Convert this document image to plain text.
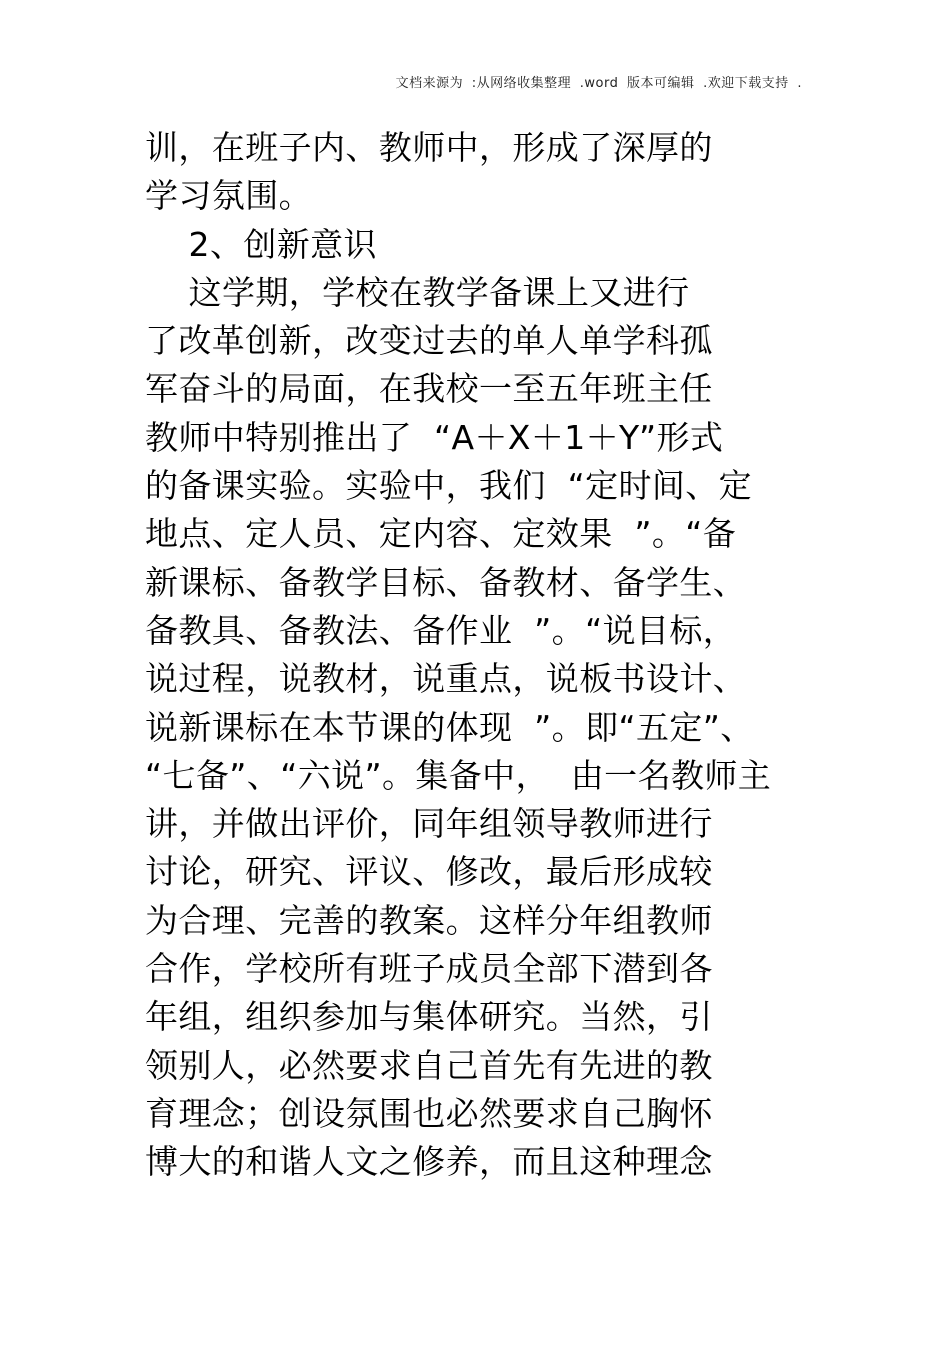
文档来源为 :从网络收集整理 .word 版本可编辑 .欢迎下载支持 .
训，在班子内、教师中，形成了深厚的
学习氛围。
2、创新意识
这学期，学校在教学备课上又进行
了改革创新，改变过去的单人单学科孤
军奋斗的局面，在我校一至五年班主任
教师中特别推出了  “A＋X＋1＋Y”形式
的备课实验。实验中，我们  “定时间、定
地点、定人员、定内容、定效果  ”。“备
新课标、备教学目标、备教材、备学生、
备教具、备教法、备作业  ”。“说目标，
说过程，说教材，说重点，说板书设计、
说新课标在本节课的体现  ”。即“五定”、
“七备”、“六说”。集备中，  由一名教师主
讲，并做出评价，同年组领导教师进行
讨论，研究、评议、修改，最后形成较
为合理、完善的教案。这样分年组教师
合作，学校所有班子成员全部下潜到各
年组，组织参加与集体研究。当然，引
领别人，必然要求自己首先有先进的教
育理念；创设氛围也必然要求自己胸怀
博大的和谐人文之修养，而且这种理念
